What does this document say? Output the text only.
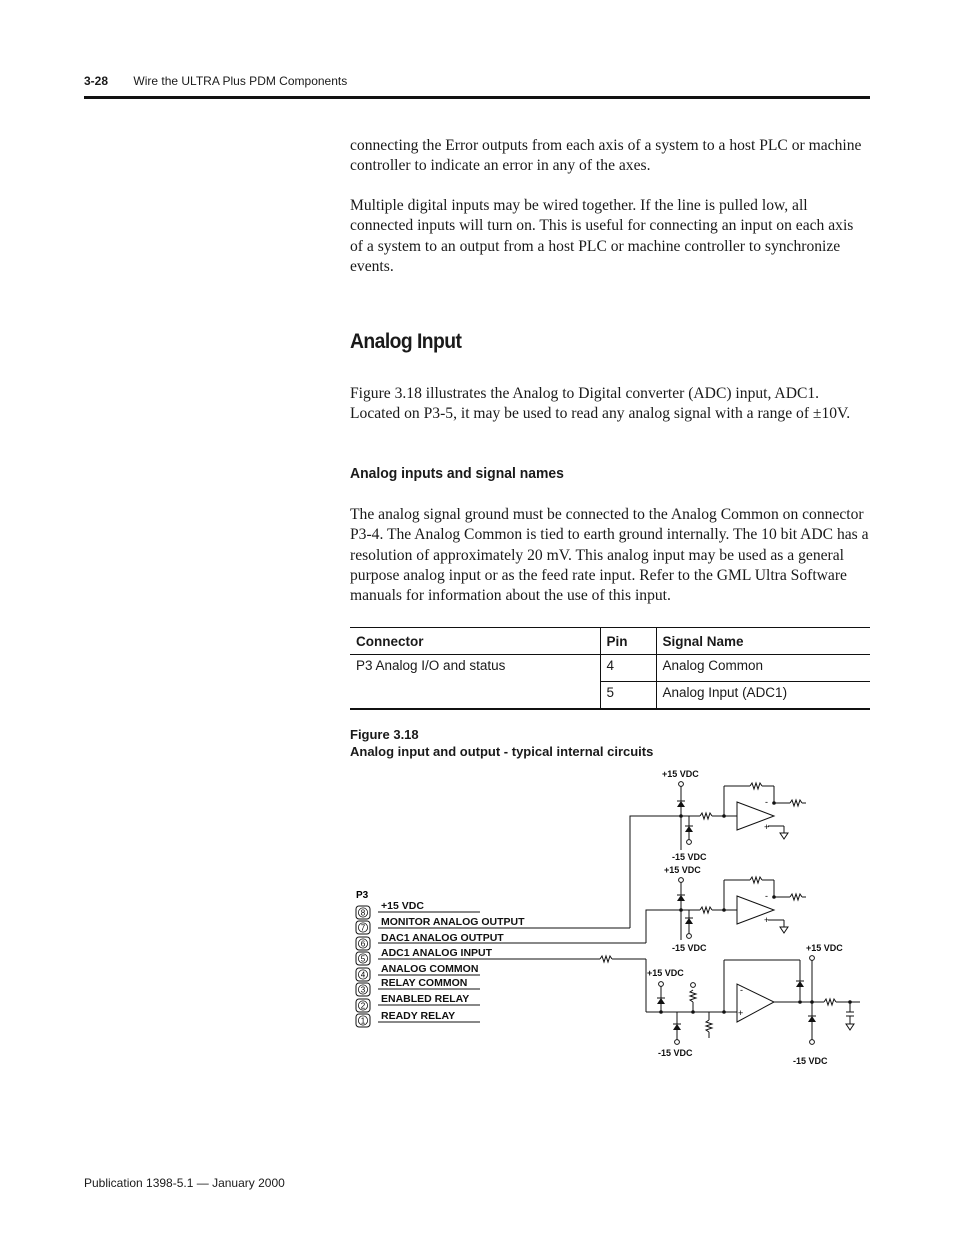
3-28 Wire the ULTRA Plus PDM Components

connecting the Error outputs from each axis of a system to a host PLC or machine controller to indicate an error in any of the axes.

Multiple digital inputs may be wired together. If the line is pulled low, all connected inputs will turn on. This is useful for connecting an input on each axis of a system to an output from a host PLC or machine controller to synchronize events.

Analog Input

Figure 3.18 illustrates the Analog to Digital converter (ADC) input, ADC1. Located on P3-5, it may be used to read any analog signal with a range of ±10V.

Analog inputs and signal names

The analog signal ground must be connected to the Analog Common on connector P3-4. The Analog Common is tied to earth ground internally. The 10 bit ADC has a resolution of approximately 20 mV. This analog input may be used as a general purpose analog input or as the feed rate input. Refer to the GML Ultra Software manuals for information about the use of this input.

Connector	Pin	Signal Name
P3 Analog I/O and status	4	Analog Common
	5	Analog Input (ADC1)

Figure 3.18

Analog input and output - typical internal circuits

-
+
-
+
-
+
+15 VDC
-15 VDC
+15 VDC
-15 VDC	+15 VDC
+15 VDC
-15 VDC
-15 VDC
P3
8
7
6
5
4
3
2
1
+15 VDC
MONITOR ANALOG OUTPUT
DAC1 ANALOG OUTPUT
ADC1 ANALOG INPUT
ANALOG COMMON
RELAY COMMON
ENABLED RELAY
READY RELAY
Publication 1398-5.1 — January 2000
